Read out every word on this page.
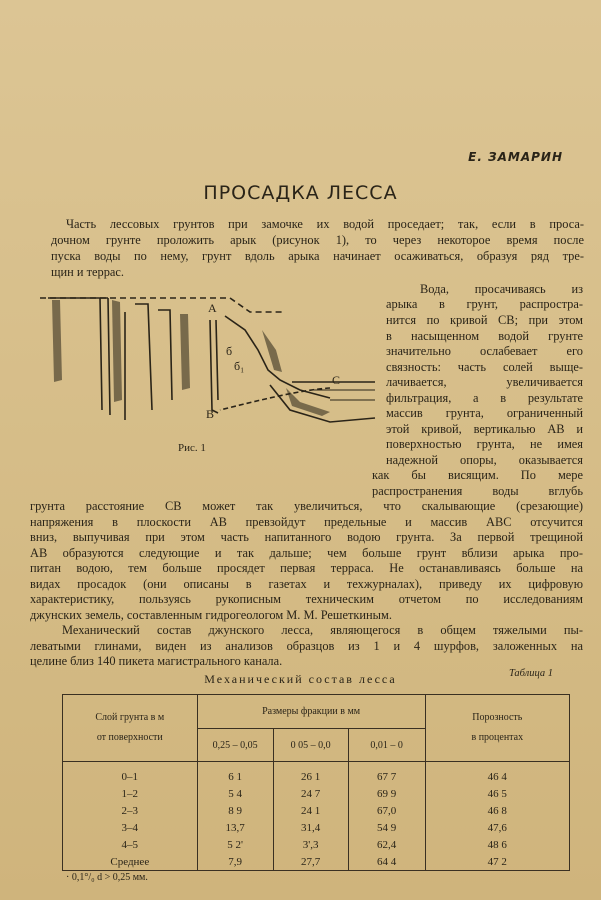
Е. ЗАМАРИН
ПРОСАДКА ЛЕССА
Часть лессовых грунтов при замочке их водой проседает; так, если в проса-
дочном грунте проложить арык (рисунок 1), то через некоторое время после
пуска воды по нему, грунт вдоль арыка начинает осаживаться, образуя ряд тре-
щин и террас.
А
В
С
б
б₁
Рис. 1
Вода, просачиваясь из
арыка в грунт, распростра-
нится по кривой СВ; при этом
в насыщенном водой грунте
значительно ослабевает его
связность: часть солей выще-
лачивается, увеличивается
фильтрация, а в результате
массив грунта, ограниченный
этой кривой, вертикалью АВ и
поверхностью грунта, не имея
надежной опоры, оказывается
как бы висящим. По мере
распространения воды вглубь
грунта расстояние СВ может так увеличиться, что скалывающие (срезающие)
напряжения в плоскости АВ превзойдут предельные и массив АВС отсучится
вниз, выпучивая при этом часть напитанного водою грунта. За первой трещиной
АВ образуются следующие и так дальше; чем больше грунт вблизи арыка про-
питан водою, тем больше просядет первая терраса. Не останавливаясь больше на
видах просадок (они описаны в газетах и техжурналах), приведу их цифровую
характеристику, пользуясь рукописным техническим отчетом по исследованиям
джунских земель, составленным гидрогеологом М. М. Решеткиным.
Механический состав джунского лесса, являющегося в общем тяжелыми пы-
леватыми глинами, виден из анализов образцов из 1 и 4 шурфов, заложенных на
Таблица 1
Механический состав лесса
целине близ 140 пикета магистрального канала.
Слой грунта в м
от поверхности	Размеры фракции в мм			Порозность
в процентах
	0,25 – 0,05	0 05 – 0,0	0,01 – 0	
0–1	6 1	26 1	67 7	46 4
1–2	5 4	24 7	69 9	46 5
2–3	8 9	24 1	67,0	46 8
3–4	13,7	31,4	54 9	47,6
4–5	5 2'	3',3	62,4	48 6
Среднее	7,9	27,7	64 4	47 2
· 0,1°/₀ d > 0,25 мм.
